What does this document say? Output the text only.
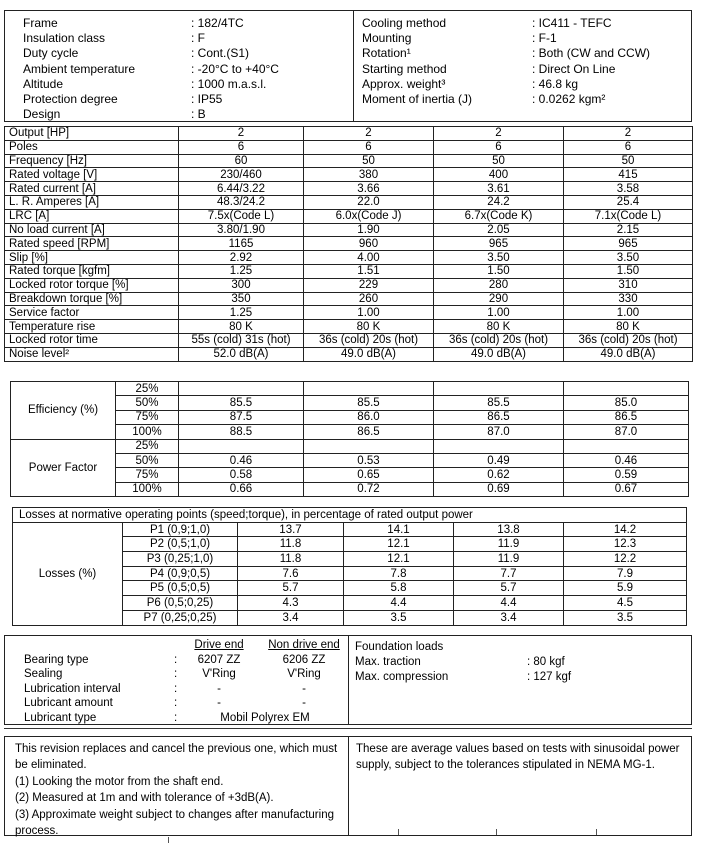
Frame	: 182/4TC
Insulation class	: F
Duty cycle	: Cont.(S1)
Ambient temperature	: -20°C to +40°C
Altitude	: 1000 m.a.s.l.
Protection degree	: IP55
Design	: B
Cooling method	: IC411 - TEFC
Mounting	: F-1
Rotation¹	: Both (CW and CCW)
Starting method	: Direct On Line
Approx. weight³	: 46.8 kg
Moment of inertia (J)	: 0.0262 kgm²
Output [HP]	2	2	2	2
Poles	6	6	6	6
Frequency [Hz]	60	50	50	50
Rated voltage [V]	230/460	380	400	415
Rated current [A]	6.44/3.22	3.66	3.61	3.58
L. R. Amperes [A]	48.3/24.2	22.0	24.2	25.4
LRC [A]	7.5x(Code L)	6.0x(Code J)	6.7x(Code K)	7.1x(Code L)
No load current [A]	3.80/1.90	1.90	2.05	2.15
Rated speed [RPM]	1165	960	965	965
Slip [%]	2.92	4.00	3.50	3.50
Rated torque [kgfm]	1.25	1.51	1.50	1.50
Locked rotor torque [%]	300	229	280	310
Breakdown torque [%]	350	260	290	330
Service factor	1.25	1.00	1.00	1.00
Temperature rise	80 K	80 K	80 K	80 K
Locked rotor time	55s (cold) 31s (hot)	36s (cold) 20s (hot)	36s (cold) 20s (hot)	36s (cold) 20s (hot)
Noise level²	52.0 dB(A)	49.0 dB(A)	49.0 dB(A)	49.0 dB(A)
Efficiency (%)	25%				
	50%	85.5	85.5	85.5	85.0
	75%	87.5	86.0	86.5	86.5
	100%	88.5	86.5	87.0	87.0
Power Factor	25%				
	50%	0.46	0.53	0.49	0.46
	75%	0.58	0.65	0.62	0.59
	100%	0.66	0.72	0.69	0.67
Losses at normative operating points (speed;torque), in percentage of rated output power					
Losses (%)	P1 (0,9;1,0)	13.7	14.1	13.8	14.2
	P2 (0,5;1,0)	11.8	12.1	11.9	12.3
	P3 (0,25;1,0)	11.8	12.1	11.9	12.2
	P4 (0,9;0,5)	7.6	7.8	7.7	7.9
	P5 (0,5;0,5)	5.7	5.8	5.7	5.9
	P6 (0,5;0,25)	4.3	4.4	4.4	4.5
	P7 (0,25;0,25)	3.4	3.5	3.4	3.5
Drive end	Non drive end
Bearing type	:	6207 ZZ	6206 ZZ
Sealing	:	V'Ring	V'Ring
Lubrication interval	:	-	-
Lubricant amount	:	-	-
Lubricant type	:	Mobil Polyrex EM
Foundation loads
Max. traction	: 80 kgf
Max. compression	: 127 kgf

This revision replaces and cancel the previous one, which must be eliminated.

(1) Looking the motor from the shaft end.

(2) Measured at 1m and with tolerance of +3dB(A).

(3) Approximate weight subject to changes after manufacturing process.

These are average values based on tests with sinusoidal power supply, subject to the tolerances stipulated in NEMA MG-1.
